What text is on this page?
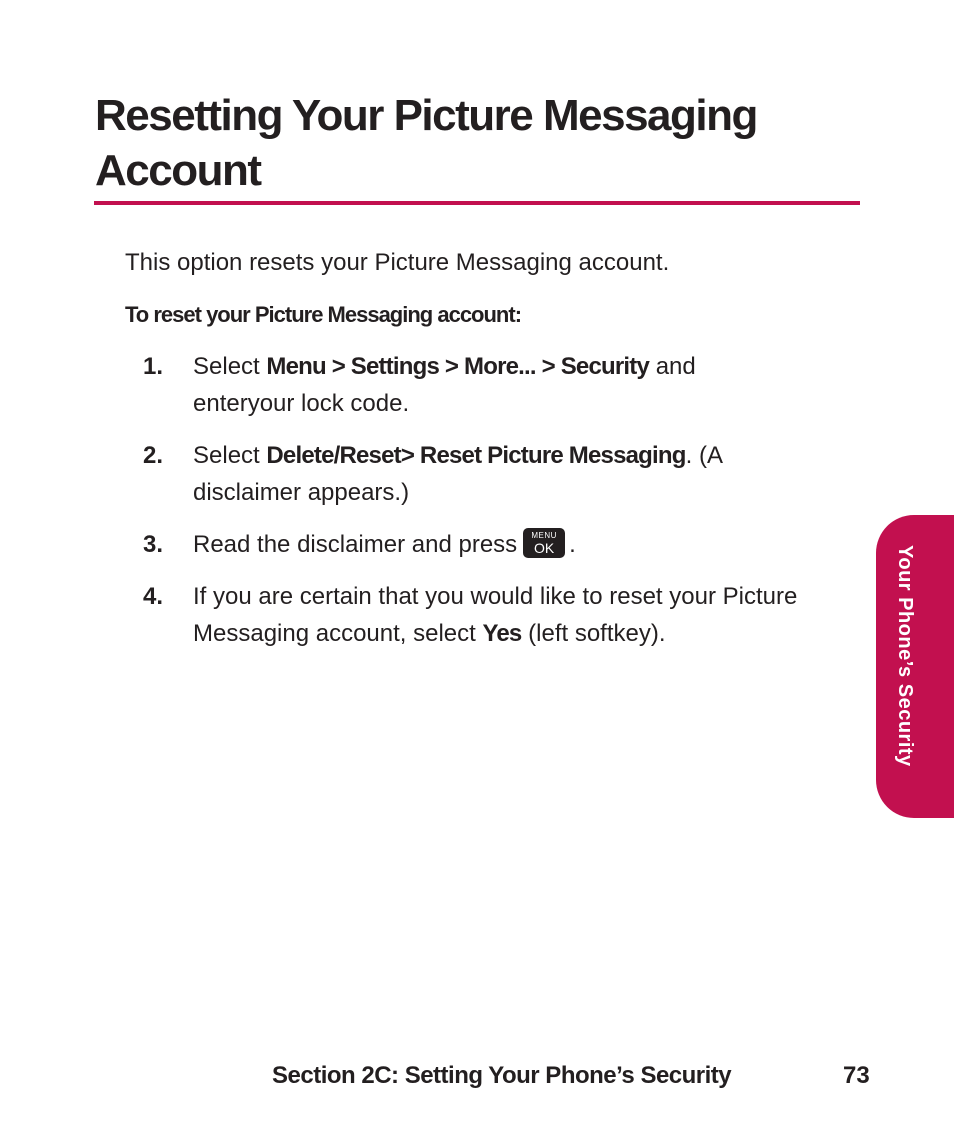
Resetting Your Picture Messaging
Account

This option resets your Picture Messaging account.

To reset your Picture Messaging account:

1. Select Menu > Settings > More... > Security and enteryour lock code.
2. Select Delete/Reset> Reset Picture Messaging. (A disclaimer appears.)
3. Read the disclaimer and press	MENU
OK .
4. If you are certain that you would like to reset your Picture Messaging account, select Yes (left softkey).	Your Phone’s Security
Section 2C: Setting Your Phone’s Security	73
